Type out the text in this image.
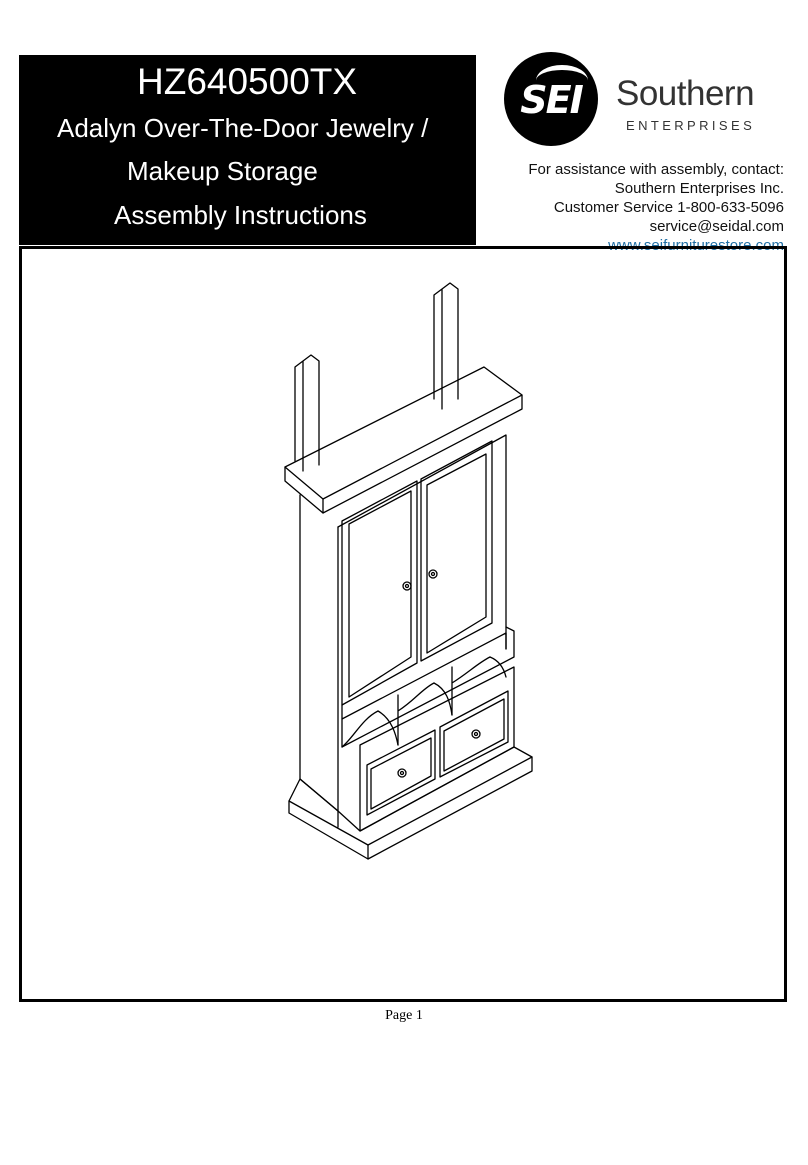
HZ640500TX
Adalyn Over-The-Door Jewelry /
Makeup Storage
Assembly Instructions
SEI Southern
ENTERPRISES
For assistance with assembly, contact:
Southern Enterprises Inc.
Customer Service 1-800-633-5096
service@seidal.com
www.seifurniturestore.com
Page 1
